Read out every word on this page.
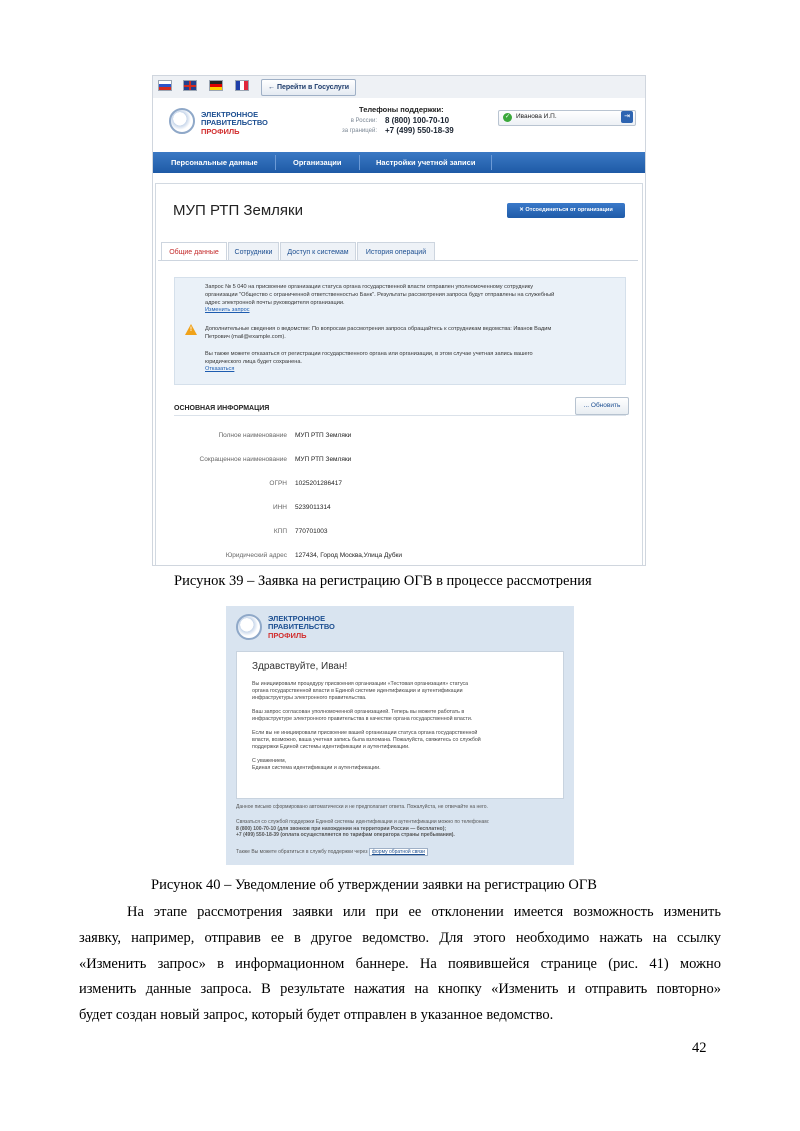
← Перейти в Госуслуги
ЭЛЕКТРОННОЕ
ПРАВИТЕЛЬСТВО
ПРОФИЛЬ
Телефоны поддержки:
в России: 8 (800) 100-70-10
за границей: +7 (499) 550-18-39
✓ Иванова И.П.	⇥
Персональные данные	Организации	Настройки учетной записи
МУП РТП Земляки	✕ Отсоединиться от организации
Общие данные	Сотрудники	Доступ к системам	История операций
Запрос № 5 040 на присвоение организации статуса органа государственной власти отправлен уполномоченному сотруднику
организации "Общество с ограниченной ответственностью Банк". Результаты рассмотрения запроса будут отправлены на служебный
адрес электронной почты руководителя организации.
Изменить запрос
! Дополнительные сведения о ведомстве: По вопросам рассмотрения запроса обращайтесь к сотрудникам ведомства: Иванов Вадим
Петрович (mail@example.com).
Вы также можете отказаться от регистрации государственного органа или организации, в этом случае учетная запись вашего
юридического лица будет сохранена.
Отказаться
ОСНОВНАЯ ИНФОРМАЦИЯ	... Обновить
Полное наименование МУП РТП Земляки
Сокращенное наименование МУП РТП Земляки
ОГРН 1025201286417
ИНН 5239011314
КПП 770701003
Юридический адрес 127434, Город Москва,Улица Дубки
Рисунок 39 – Заявка на регистрацию ОГВ в процессе рассмотрения
ЭЛЕКТРОННОЕ
ПРАВИТЕЛЬСТВО
ПРОФИЛЬ
Здравствуйте, Иван!
Вы инициировали процедуру присвоения организации «Тестовая организация» статуса
органа государственной власти в Единой системе идентификации и аутентификации
инфраструктуры электронного правительства.
Ваш запрос согласован уполномоченной организацией. Теперь вы можете работать в
инфраструктуре электронного правительства в качестве органа государственной власти.
Если вы не инициировали присвоение вашей организации статуса органа государственной
власти, возможно, ваша учетная запись была взломана. Пожалуйста, свяжитесь со службой
поддержки Единой системы идентификации и аутентификации.
С уважением,
Единая система идентификации и аутентификации.
Данное письмо сформировано автоматически и не предполагает ответа. Пожалуйста, не отвечайте на него.
Связаться со службой поддержки Единой системы идентификации и аутентификации можно по телефонам:
8 (800) 100-70-10 (для звонков при нахождении на территории России — бесплатно);
+7 (499) 550-18-39 (оплата осуществляется по тарифам оператора страны пребывания).
Также Вы можете обратиться в службу поддержки через форму обратной связи
Рисунок 40 – Уведомление об утверждении заявки на регистрацию ОГВ
На этапе рассмотрения заявки или при ее отклонении имеется возможность изменить
заявку, например, отправив ее в другое ведомство. Для этого необходимо нажать на ссылку
«Изменить запрос» в информационном баннере. На появившейся странице (рис. 41) можно
изменить данные запроса. В результате нажатия на кнопку «Изменить и отправить повторно»
будет создан новый запрос, который будет отправлен в указанное ведомство.
42
